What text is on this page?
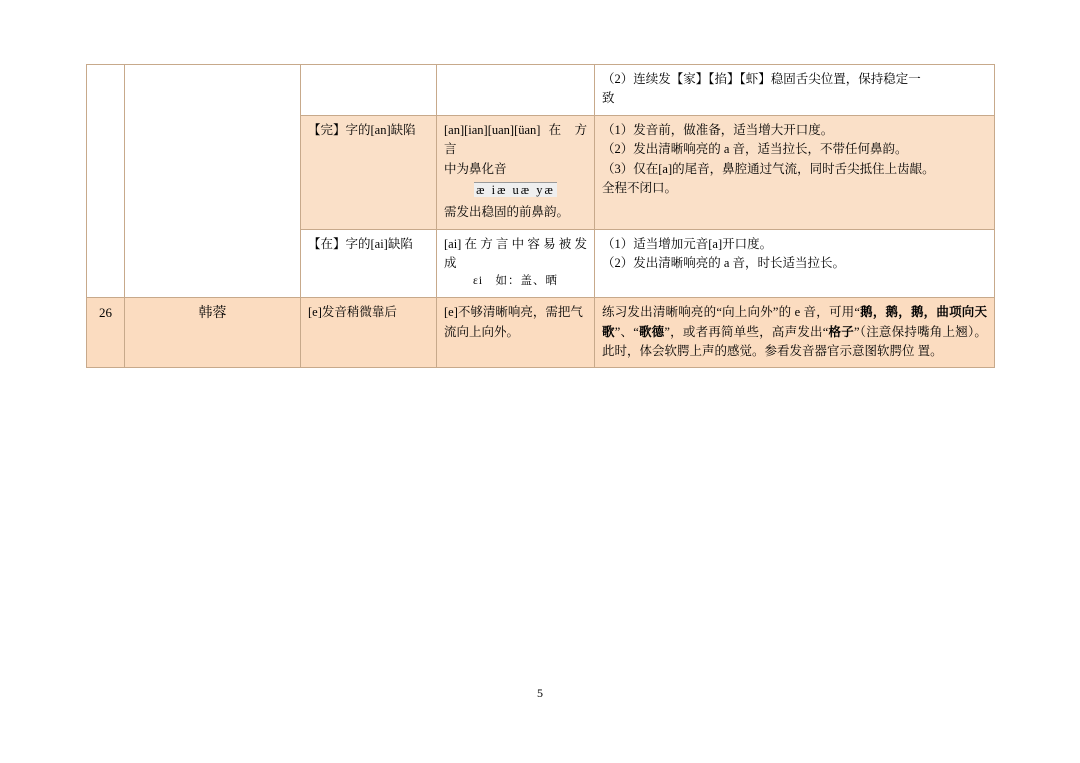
				（2）连续发【家】【掐】【虾】稳固舌尖位置，保持稳定一
致

		【完】字的[an]缺陷	[an][ian][uan][üan] 在 方 言
中为鼻化音
æ iæ uæ yæ
需发出稳固的前鼻韵。	（1）发音前，做准备，适当增大开口度。
（2）发出清晰响亮的 a 音，适当拉长，不带任何鼻韵。
（3）仅在[a]的尾音，鼻腔通过气流，同时舌尖抵住上齿龈。
全程不闭口。

		【在】字的[ai]缺陷	[ai] 在 方 言 中 容 易 被 发 成
ɛi　如：盖、晒	（1）适当增加元音[a]开口度。
（2）发出清晰响亮的 a 音，时长适当拉长。

26	韩蓉	[e]发音稍微靠后	[e]不够清晰响亮，需把气
流向上向外。	练习发出清晰响亮的“向上向外”的 e 音，可用“鹅，鹅，鹅，曲项向天歌”、“歌德”，或者再简单些，高声发出“格子”（注意保持嘴角上翘）。 此时，体会软腭上声的感觉。参看发音器官示意图软腭位 置。
5
